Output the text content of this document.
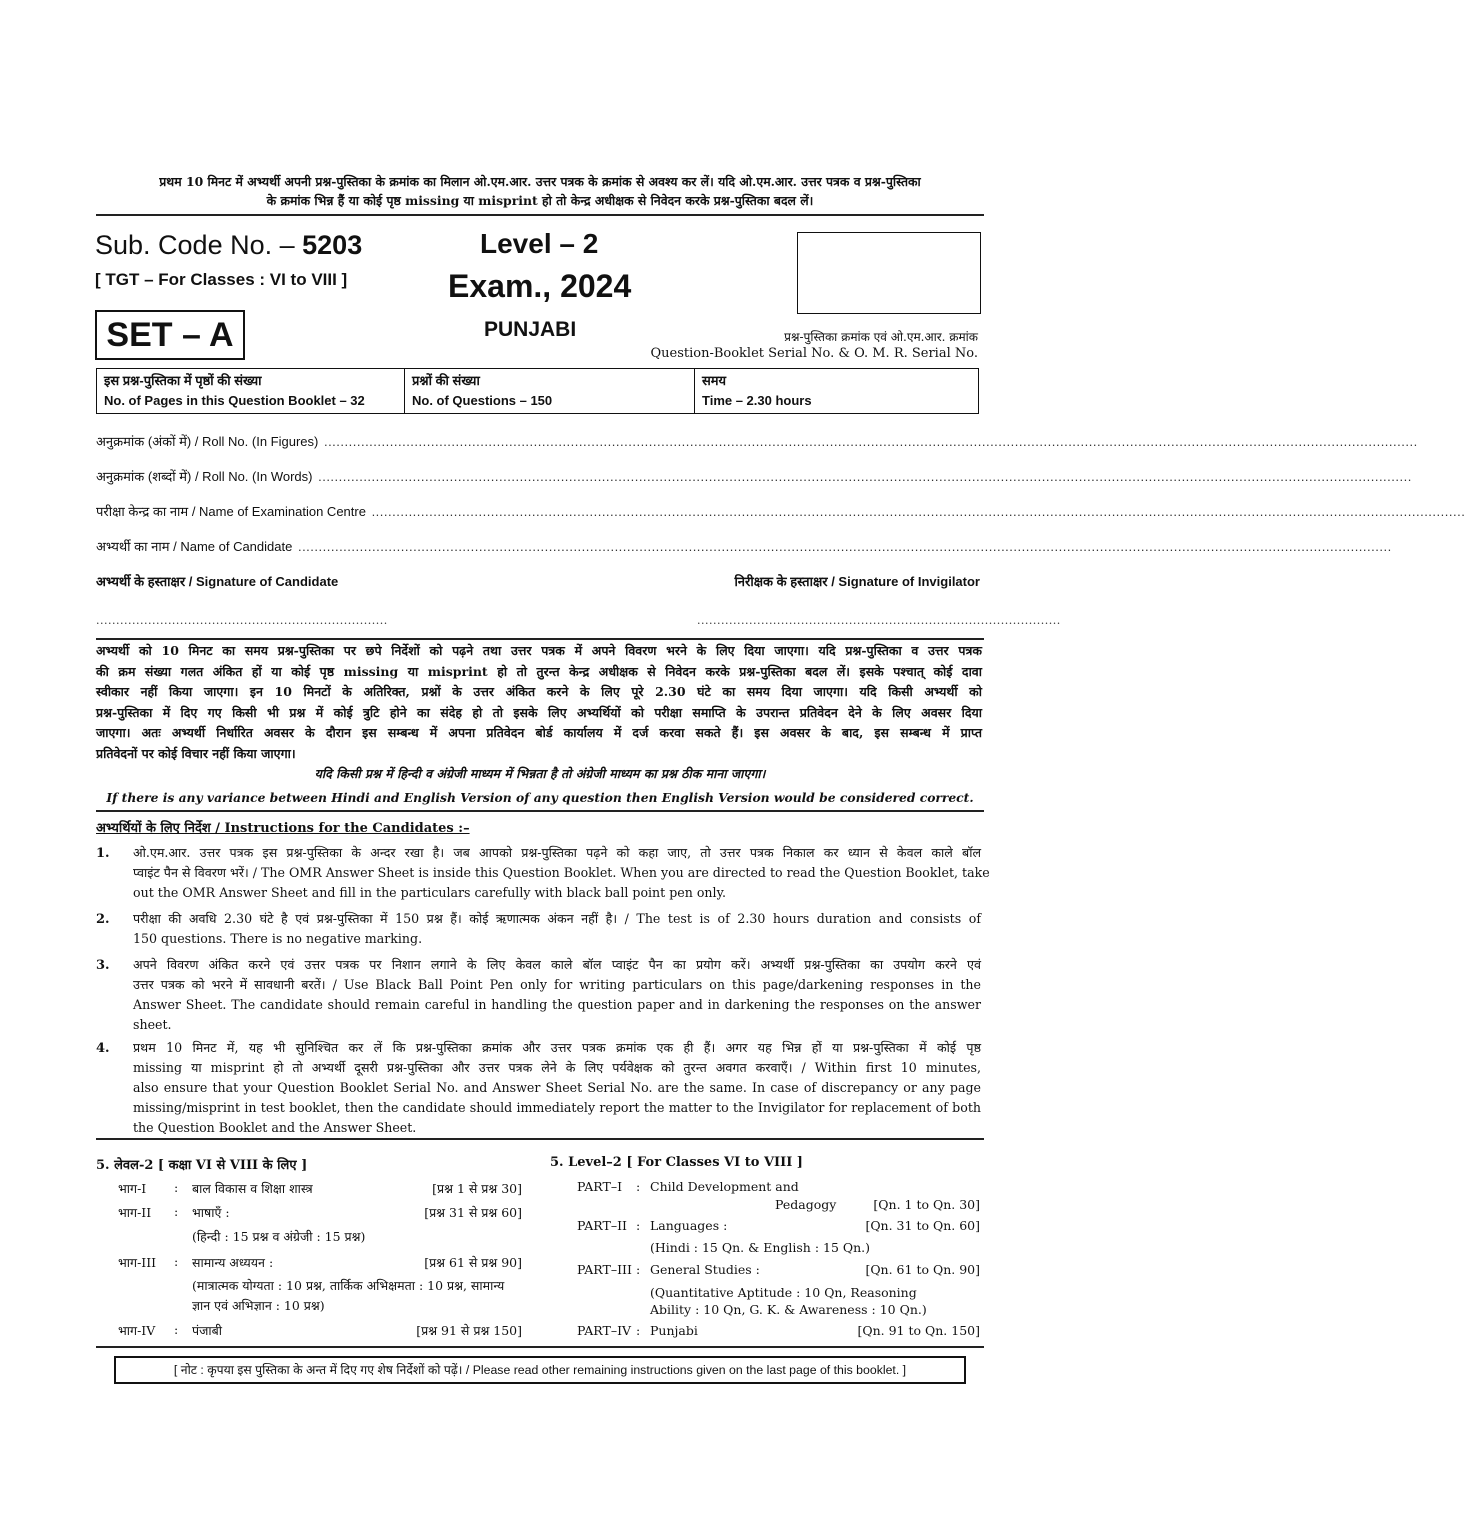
प्रथम 10 मिनट में अभ्यर्थी अपनी प्रश्न-पुस्तिका के क्रमांक का मिलान ओ.एम.आर. उत्तर पत्रक के क्रमांक से अवश्य कर लें। यदि ओ.एम.आर. उत्तर पत्रक व प्रश्न-पुस्तिका
के क्रमांक भिन्न हैं या कोई पृष्ठ missing या misprint हो तो केन्द्र अधीक्षक से निवेदन करके प्रश्न-पुस्तिका बदल लें।
Sub. Code No. – 5203
[ TGT – For Classes : VI to VIII ]
SET – A
Level – 2
Exam., 2024
PUNJABI	प्रश्न-पुस्तिका क्रमांक एवं ओ.एम.आर. क्रमांक
Question-Booklet Serial No. & O. M. R. Serial No.
इस प्रश्न-पुस्तिका में पृष्ठों की संख्या
No. of Pages in this Question Booklet – 32
प्रश्नों की संख्या
No. of Questions – 150
समय
Time – 2.30 hours
अनुक्रमांक (अंकों में) / Roll No. (In Figures) ..........................................................................................................................................................................................................................................................................
अनुक्रमांक (शब्दों में) / Roll No. (In Words) ..........................................................................................................................................................................................................................................................................
परीक्षा केन्द्र का नाम / Name of Examination Centre ..........................................................................................................................................................................................................................................................................
अभ्यर्थी का नाम / Name of Candidate ..........................................................................................................................................................................................................................................................................
अभ्यर्थी के हस्ताक्षर / Signature of Candidate	निरीक्षक के हस्ताक्षर / Signature of Invigilator
.........................................................................	...........................................................................................
अभ्यर्थी को 10 मिनट का समय प्रश्न-पुस्तिका पर छपे निर्देशों को पढ़ने तथा उत्तर पत्रक में अपने विवरण भरने के लिए दिया जाएगा। यदि प्रश्न-पुस्तिका व उत्तर पत्रक
की क्रम संख्या गलत अंकित हों या कोई पृष्ठ missing या misprint हो तो तुरन्त केन्द्र अधीक्षक से निवेदन करके प्रश्न-पुस्तिका बदल लें। इसके पश्चात् कोई दावा
स्वीकार नहीं किया जाएगा। इन 10 मिनटों के अतिरिक्त, प्रश्नों के उत्तर अंकित करने के लिए पूरे 2.30 घंटे का समय दिया जाएगा। यदि किसी अभ्यर्थी को
प्रश्न-पुस्तिका में दिए गए किसी भी प्रश्न में कोई त्रुटि होने का संदेह हो तो इसके लिए अभ्यर्थियों को परीक्षा समाप्ति के उपरान्त प्रतिवेदन देने के लिए अवसर दिया
जाएगा। अतः अभ्यर्थी निर्धारित अवसर के दौरान इस सम्बन्ध में अपना प्रतिवेदन बोर्ड कार्यालय में दर्ज करवा सकते हैं। इस अवसर के बाद, इस सम्बन्ध में प्राप्त
प्रतिवेदनों पर कोई विचार नहीं किया जाएगा।
यदि किसी प्रश्न में हिन्दी व अंग्रेजी माध्यम में भिन्नता है तो अंग्रेजी माध्यम का प्रश्न ठीक माना जाएगा।
If there is any variance between Hindi and English Version of any question then English Version would be considered correct.
अभ्यर्थियों के लिए निर्देश / Instructions for the Candidates :–
1. ओ.एम.आर. उत्तर पत्रक इस प्रश्न-पुस्तिका के अन्दर रखा है। जब आपको प्रश्न-पुस्तिका पढ़ने को कहा जाए, तो उत्तर पत्रक निकाल कर ध्यान से केवल काले बॉल
प्वाइंट पैन से विवरण भरें। / The OMR Answer Sheet is inside this Question Booklet. When you are directed to read the Question Booklet, take
out the OMR Answer Sheet and fill in the particulars carefully with black ball point pen only.
2. परीक्षा की अवधि 2.30 घंटे है एवं प्रश्न-पुस्तिका में 150 प्रश्न हैं। कोई ऋणात्मक अंकन नहीं है। / The test is of 2.30 hours duration and consists of
150 questions. There is no negative marking.
3. अपने विवरण अंकित करने एवं उत्तर पत्रक पर निशान लगाने के लिए केवल काले बॉल प्वाइंट पैन का प्रयोग करें। अभ्यर्थी प्रश्न-पुस्तिका का उपयोग करने एवं
उत्तर पत्रक को भरने में सावधानी बरतें। / Use Black Ball Point Pen only for writing particulars on this page/darkening responses in the
Answer Sheet. The candidate should remain careful in handling the question paper and in darkening the responses on the answer
sheet.
4. प्रथम 10 मिनट में, यह भी सुनिश्चित कर लें कि प्रश्न-पुस्तिका क्रमांक और उत्तर पत्रक क्रमांक एक ही हैं। अगर यह भिन्न हों या प्रश्न-पुस्तिका में कोई पृष्ठ
missing या misprint हो तो अभ्यर्थी दूसरी प्रश्न-पुस्तिका और उत्तर पत्रक लेने के लिए पर्यवेक्षक को तुरन्त अवगत करवाएँ। / Within first 10 minutes,
also ensure that your Question Booklet Serial No. and Answer Sheet Serial No. are the same. In case of discrepancy or any page
missing/misprint in test booklet, then the candidate should immediately report the matter to the Invigilator for replacement of both
the Question Booklet and the Answer Sheet.
5. लेवल-2 [ कक्षा VI से VIII के लिए ]
भाग-I : बाल विकास व शिक्षा शास्त्र	[प्रश्न 1 से प्रश्न 30]
भाग-II : भाषाएँ :	[प्रश्न 31 से प्रश्न 60]
(हिन्दी : 15 प्रश्न व अंग्रेजी : 15 प्रश्न)
भाग-III : सामान्य अध्ययन :	[प्रश्न 61 से प्रश्न 90]
(मात्रात्मक योग्यता : 10 प्रश्न, तार्किक अभिक्षमता : 10 प्रश्न, सामान्य
ज्ञान एवं अभिज्ञान : 10 प्रश्न)
भाग-IV : पंजाबी	[प्रश्न 91 से प्रश्न 150]
5. Level–2 [ For Classes VI to VIII ]
PART–I : Child Development and
Pedagogy	[Qn. 1 to Qn. 30]
PART–II : Languages :	[Qn. 31 to Qn. 60]
(Hindi : 15 Qn. & English : 15 Qn.)
PART–III : General Studies :	[Qn. 61 to Qn. 90]
(Quantitative Aptitude : 10 Qn, Reasoning
Ability : 10 Qn, G. K. & Awareness : 10 Qn.)
PART–IV : Punjabi	[Qn. 91 to Qn. 150]
[ नोट : कृपया इस पुस्तिका के अन्त में दिए गए शेष निर्देशों को पढ़ें। / Please read other remaining instructions given on the last page of this booklet. ]
